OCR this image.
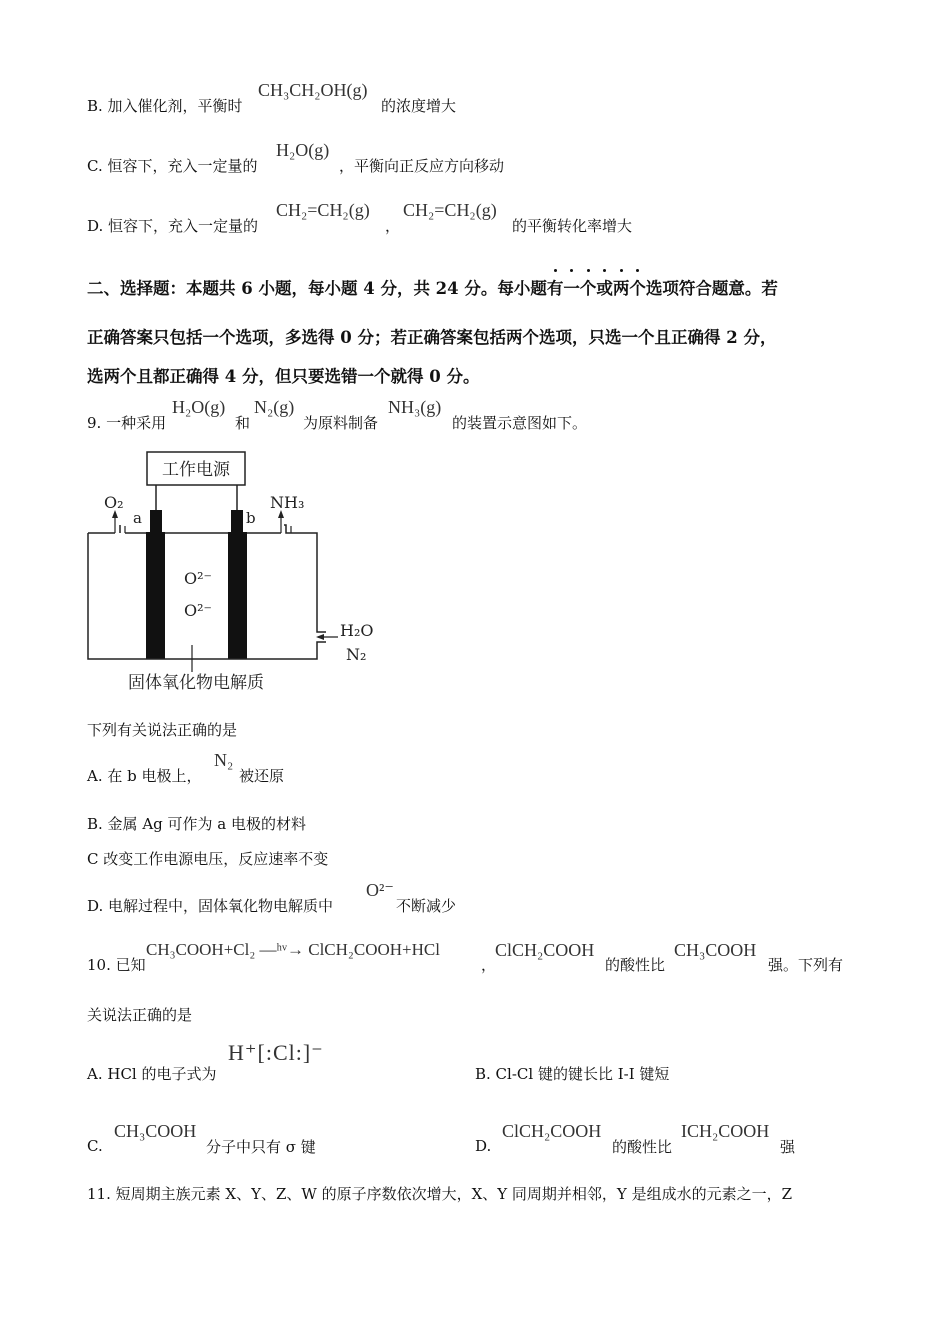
B. 加入催化剂，平衡时
CH₃CH₂OH(g)
的浓度增大
C. 恒容下，充入一定量的
H₂O(g)
，平衡向正反应方向移动
D. 恒容下，充入一定量的
CH₂=CH₂(g)
，
CH₂=CH₂(g)
的平衡转化率增大
二、选择题：本题共 6 小题，每小题 4 分，共 24 分。每小题有一个或两个
选项符合题意。若
正确答案只包括一个选项，多选得 0 分；若正确答案包括两个选项，只选一个且正确得 2 分，
选两个且都正确得 4 分，但只要选错一个就得 0 分。
9. 一种采用
H₂O(g)
和
N₂(g)
为原料制备
NH₃(g)
的装置示意图如下。
工作电源
a	b
O₂	NH₃
O²⁻
O²⁻
H₂O
N₂
固体氧化物电解质
下列有关说法正确的是
A. 在 b 电极上，
N₂
被还原
B. 金属 Ag 可作为 a 电极的材料
C 改变工作电源电压，反应速率不变
D. 电解过程中，固体氧化物电解质中
O²⁻
不断减少
10. 已知
CH₃COOH+Cl₂ —ʰᵛ→ ClCH₂COOH+HCl
，
ClCH₂COOH
的酸性比
CH₃COOH
强。下列有
关说法正确的是
A. HCl 的电子式为
H⁺[:Cl:]⁻
B. Cl-Cl 键的键长比 I-I 键短
C.
CH₃COOH
分子中只有 σ 键	D.
ClCH₂COOH
的酸性比
ICH₂COOH
强
11. 短周期主族元素 X、Y、Z、W 的原子序数依次增大，X、Y 同周期并相邻，Y 是组成水的元素之一，Z
